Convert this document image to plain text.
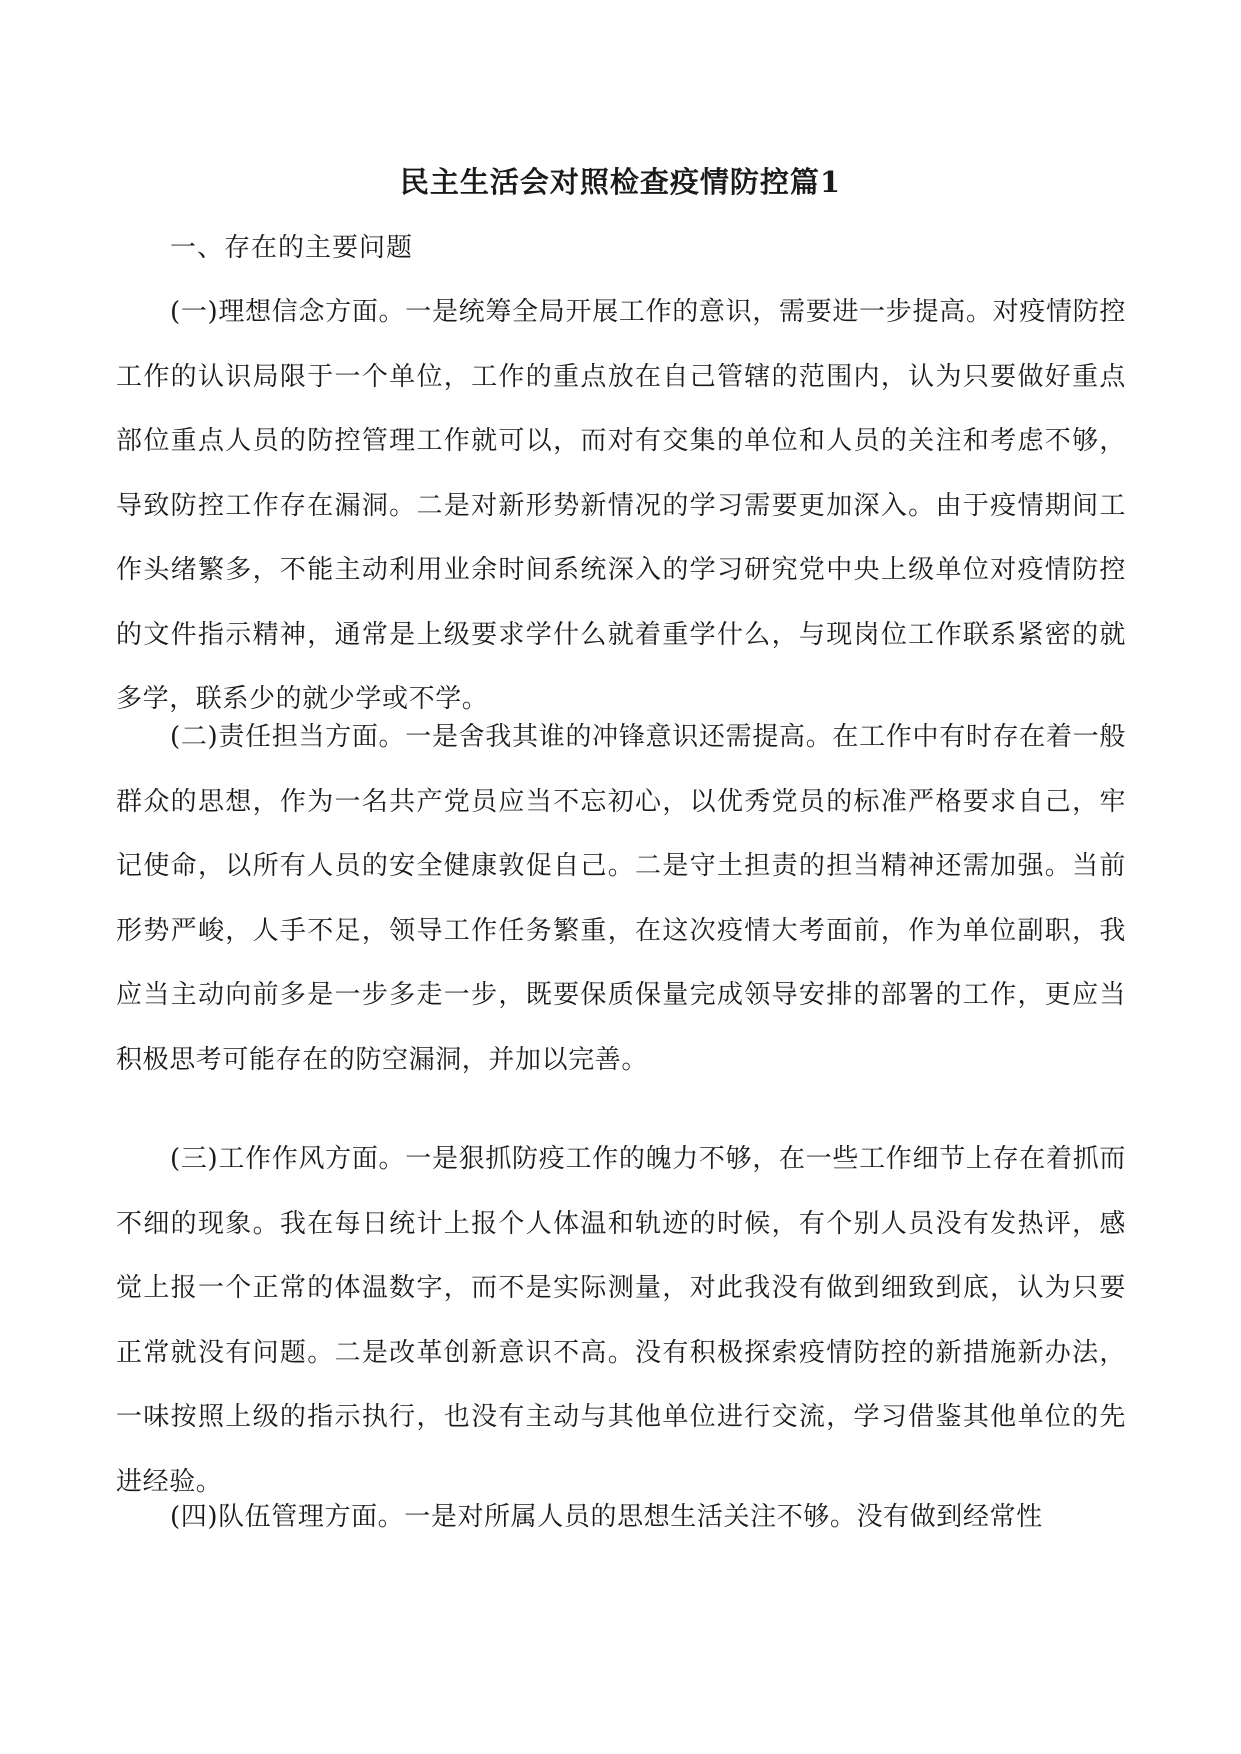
民主生活会对照检查疫情防控篇1
一、存在的主要问题

(一)理想信念方面。一是统筹全局开展工作的意识，需要进一步提高。对疫情防控工作的认识局限于一个单位，工作的重点放在自己管辖的范围内，认为只要做好重点部位重点人员的防控管理工作就可以，而对有交集的单位和人员的关注和考虑不够，导致防控工作存在漏洞。二是对新形势新情况的学习需要更加深入。由于疫情期间工作头绪繁多，不能主动利用业余时间系统深入的学习研究党中央上级单位对疫情防控的文件指示精神，通常是上级要求学什么就着重学什么，与现岗位工作联系紧密的就多学，联系少的就少学或不学。

(二)责任担当方面。一是舍我其谁的冲锋意识还需提高。在工作中有时存在着一般群众的思想，作为一名共产党员应当不忘初心，以优秀党员的标准严格要求自己，牢记使命，以所有人员的安全健康敦促自己。二是守土担责的担当精神还需加强。当前形势严峻，人手不足，领导工作任务繁重，在这次疫情大考面前，作为单位副职，我应当主动向前多是一步多走一步，既要保质保量完成领导安排的部署的工作，更应当积极思考可能存在的防空漏洞，并加以完善。

(三)工作作风方面。一是狠抓防疫工作的魄力不够，在一些工作细节上存在着抓而不细的现象。我在每日统计上报个人体温和轨迹的时候，有个别人员没有发热评，感觉上报一个正常的体温数字，而不是实际测量，对此我没有做到细致到底，认为只要正常就没有问题。二是改革创新意识不高。没有积极探索疫情防控的新措施新办法，一味按照上级的指示执行，也没有主动与其他单位进行交流，学习借鉴其他单位的先进经验。

(四)队伍管理方面。一是对所属人员的思想生活关注不够。没有做到经常性
